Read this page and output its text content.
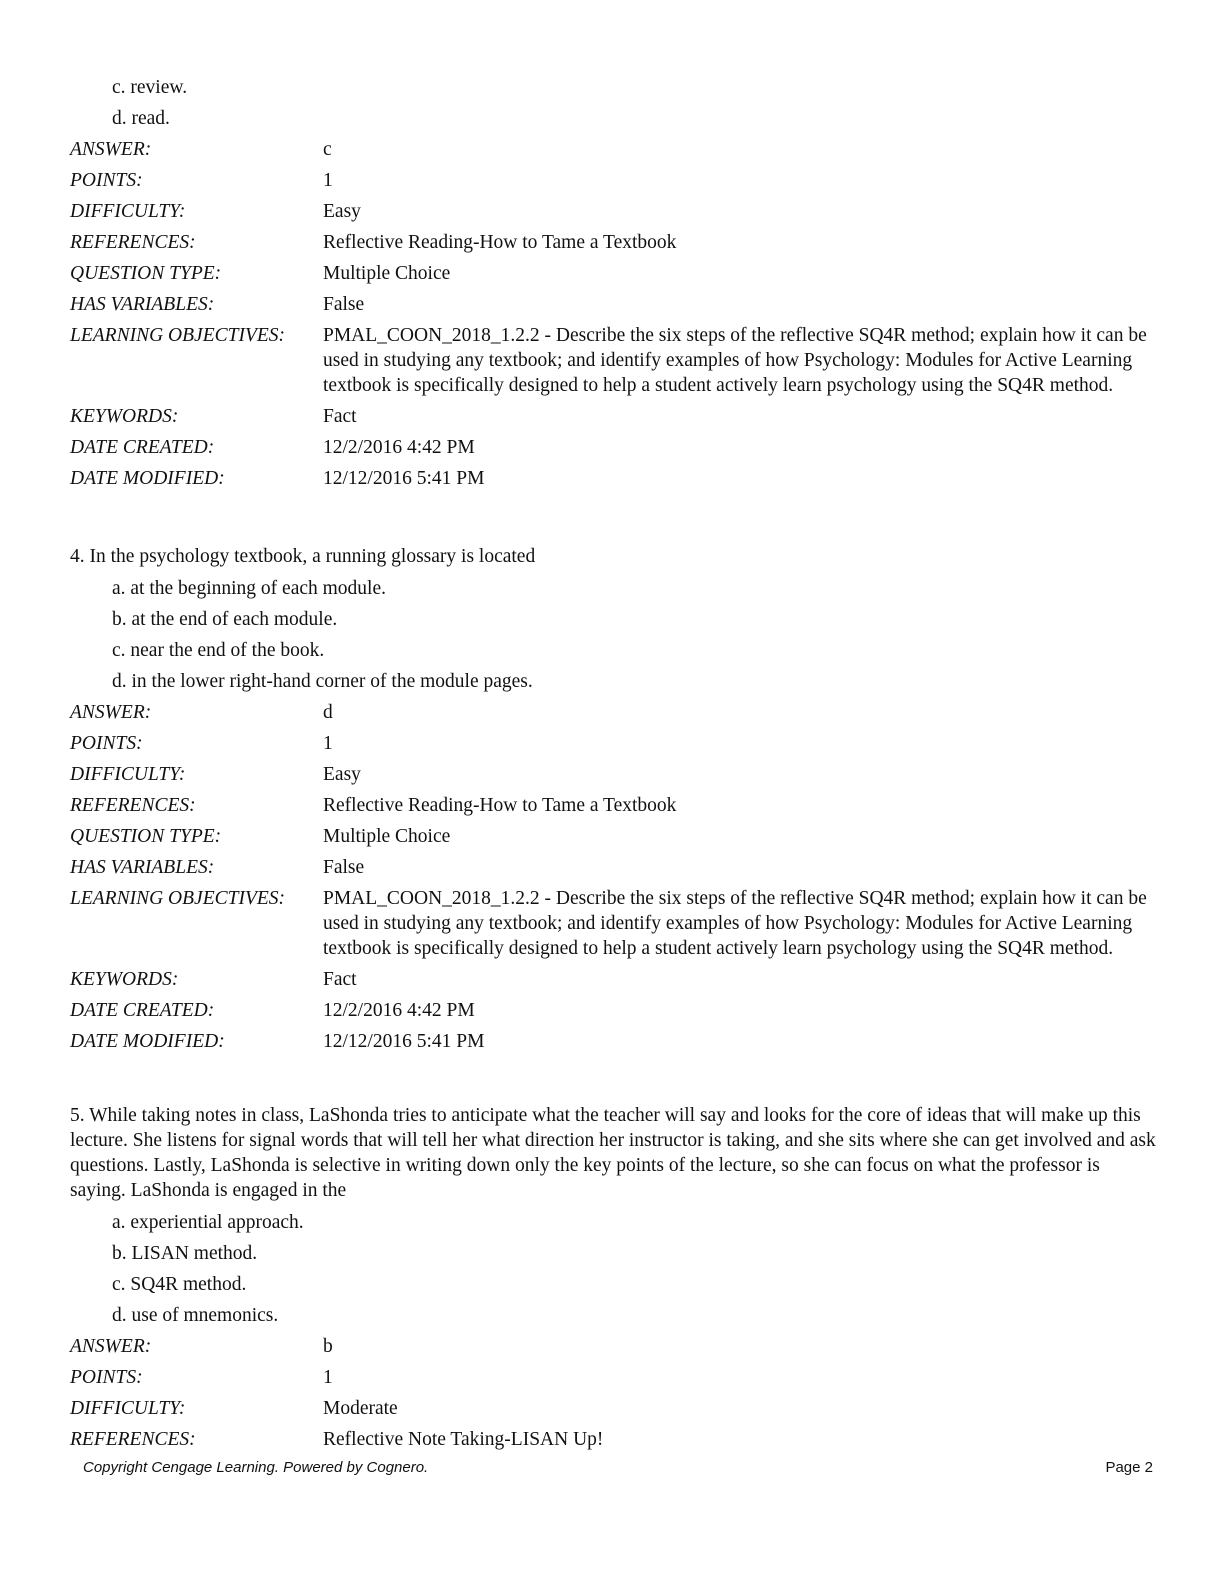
c. review.
d. read.
ANSWER:	c
POINTS:	1
DIFFICULTY:	Easy
REFERENCES:	Reflective Reading-How to Tame a Textbook
QUESTION TYPE:	Multiple Choice
HAS VARIABLES:	False
LEARNING OBJECTIVES:	PMAL_COON_2018_1.2.2 - Describe the six steps of the reflective SQ4R method; explain how it can be used in studying any textbook; and identify examples of how Psychology: Modules for Active Learning textbook is specifically designed to help a student actively learn psychology using the SQ4R method.
KEYWORDS:	Fact
DATE CREATED:	12/2/2016 4:42 PM
DATE MODIFIED:	12/12/2016 5:41 PM
4. In the psychology textbook, a running glossary is located
a. at the beginning of each module.
b. at the end of each module.
c. near the end of the book.
d. in the lower right-hand corner of the module pages.
ANSWER:	d
POINTS:	1
DIFFICULTY:	Easy
REFERENCES:	Reflective Reading-How to Tame a Textbook
QUESTION TYPE:	Multiple Choice
HAS VARIABLES:	False
LEARNING OBJECTIVES:	PMAL_COON_2018_1.2.2 - Describe the six steps of the reflective SQ4R method; explain how it can be used in studying any textbook; and identify examples of how Psychology: Modules for Active Learning textbook is specifically designed to help a student actively learn psychology using the SQ4R method.
KEYWORDS:	Fact
DATE CREATED:	12/2/2016 4:42 PM
DATE MODIFIED:	12/12/2016 5:41 PM
5. While taking notes in class, LaShonda tries to anticipate what the teacher will say and looks for the core of ideas that will make up this lecture. She listens for signal words that will tell her what direction her instructor is taking, and she sits where she can get involved and ask questions. Lastly, LaShonda is selective in writing down only the key points of the lecture, so she can focus on what the professor is saying. LaShonda is engaged in the
a. experiential approach.
b. LISAN method.
c. SQ4R method.
d. use of mnemonics.
ANSWER:	b
POINTS:	1
DIFFICULTY:	Moderate
REFERENCES:	Reflective Note Taking-LISAN Up!
Copyright Cengage Learning. Powered by Cognero.	Page 2
